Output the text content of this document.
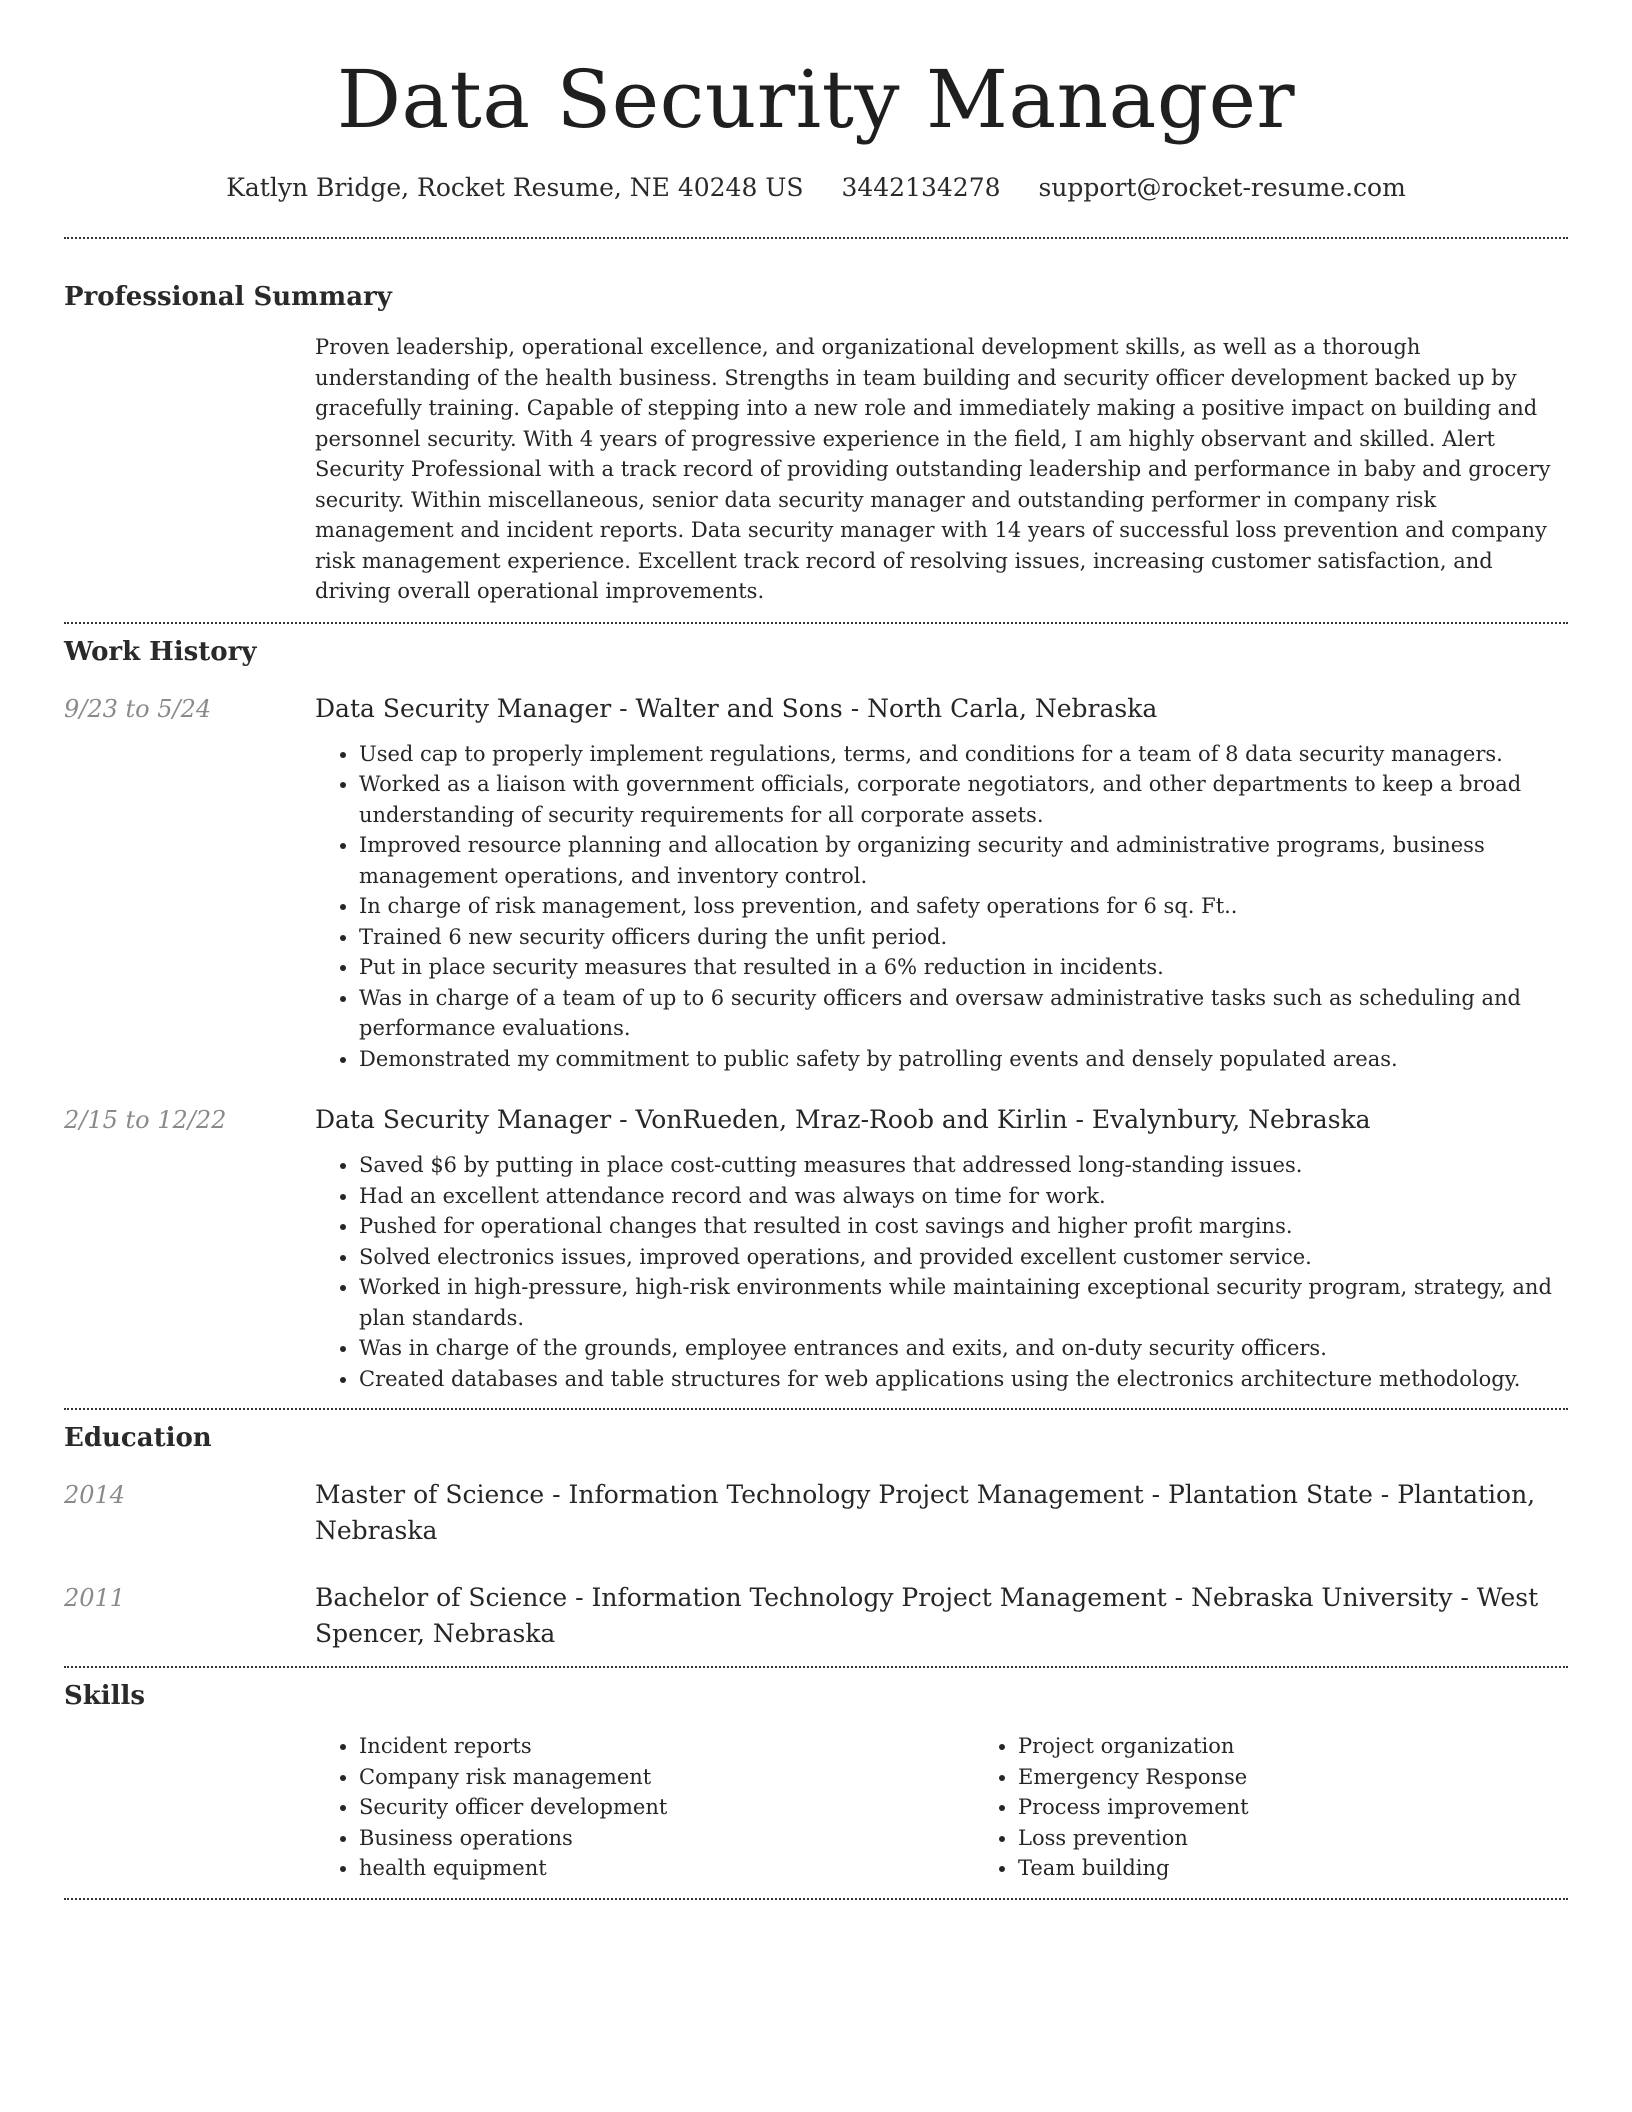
Data Security Manager
Katlyn Bridge, Rocket Resume, NE 40248 US 3442134278 support@rocket-resume.com
Professional Summary

Proven leadership, operational excellence, and organizational development skills, as well as a thorough understanding of the health business. Strengths in team building and security officer development backed up by gracefully training. Capable of stepping into a new role and immediately making a positive impact on building and personnel security. With 4 years of progressive experience in the field, I am highly observant and skilled. Alert Security Professional with a track record of providing outstanding leadership and performance in baby and grocery security. Within miscellaneous, senior data security manager and outstanding performer in company risk management and incident reports. Data security manager with 14 years of successful loss prevention and company risk management experience. Excellent track record of resolving issues, increasing customer satisfaction, and driving overall operational improvements.

Work History
9/23 to 5/24	Data Security Manager - Walter and Sons - North Carla, Nebraska

• Used cap to properly implement regulations, terms, and conditions for a team of 8 data security managers.
• Worked as a liaison with government officials, corporate negotiators, and other departments to keep a broad understanding of security requirements for all corporate assets.
• Improved resource planning and allocation by organizing security and administrative programs, business management operations, and inventory control.
• In charge of risk management, loss prevention, and safety operations for 6 sq. Ft..
• Trained 6 new security officers during the unfit period.
• Put in place security measures that resulted in a 6% reduction in incidents.
• Was in charge of a team of up to 6 security officers and oversaw administrative tasks such as scheduling and performance evaluations.
• Demonstrated my commitment to public safety by patrolling events and densely populated areas.
2/15 to 12/22	Data Security Manager - VonRueden, Mraz-Roob and Kirlin - Evalynbury, Nebraska

• Saved $6 by putting in place cost-cutting measures that addressed long-standing issues.
• Had an excellent attendance record and was always on time for work.
• Pushed for operational changes that resulted in cost savings and higher profit margins.
• Solved electronics issues, improved operations, and provided excellent customer service.
• Worked in high-pressure, high-risk environments while maintaining exceptional security program, strategy, and plan standards.
• Was in charge of the grounds, employee entrances and exits, and on-duty security officers.
• Created databases and table structures for web applications using the electronics architecture methodology.
Education
2014	Master of Science - Information Technology Project Management - Plantation State - Plantation, Nebraska

2011	Bachelor of Science - Information Technology Project Management - Nebraska University - West Spencer, Nebraska

Skills
• Incident reports
• Company risk management
• Security officer development
• Business operations
• health equipment
• Project organization
• Emergency Response
• Process improvement
• Loss prevention
• Team building
